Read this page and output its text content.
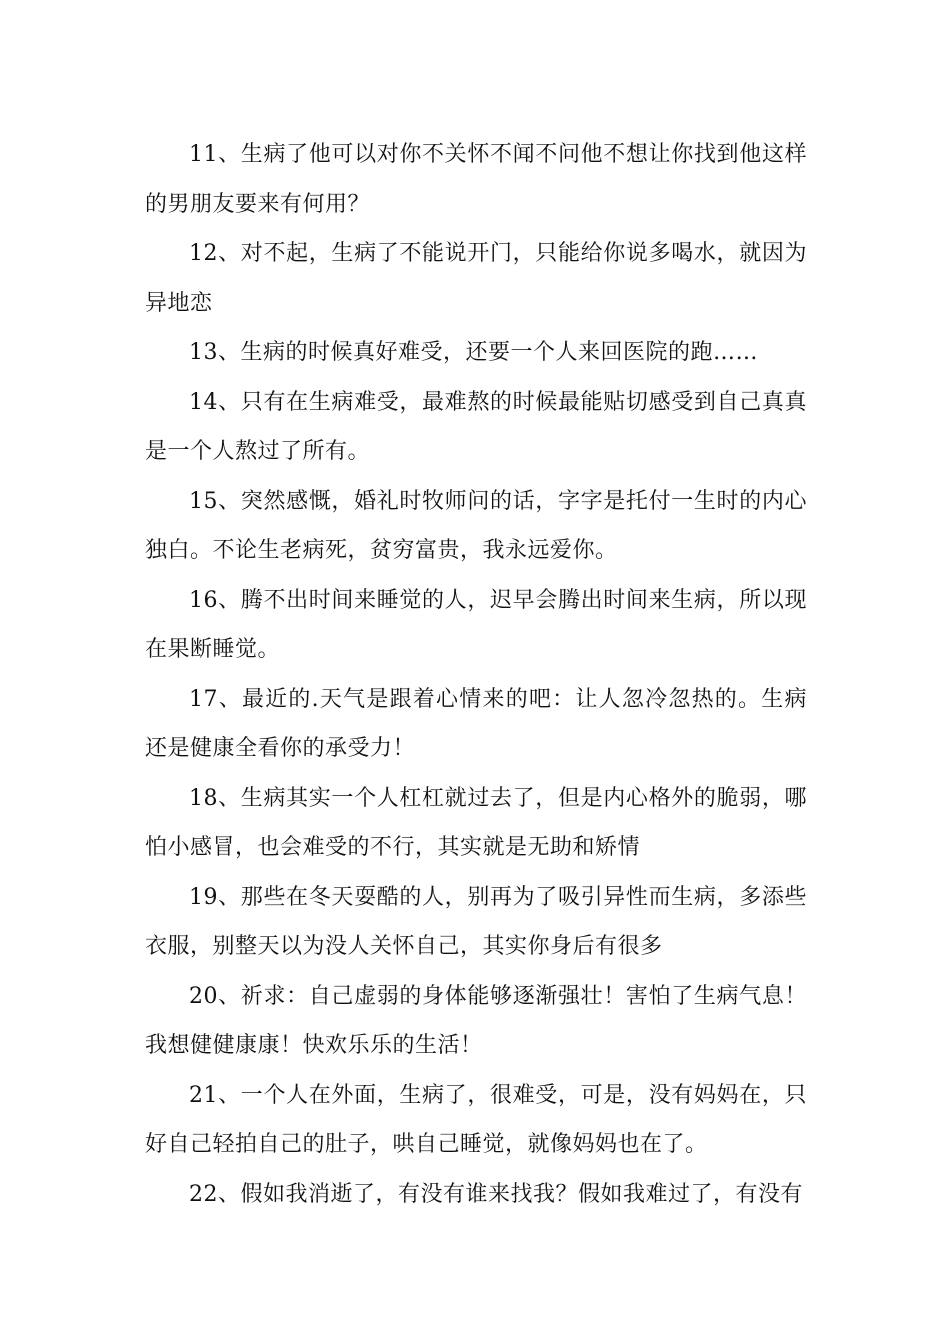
11、生病了他可以对你不关怀不闻不问他不想让你找到他这样的男朋友要来有何用？

12、对不起，生病了不能说开门，只能给你说多喝水，就因为异地恋

13、生病的时候真好难受，还要一个人来回医院的跑……

14、只有在生病难受，最难熬的时候最能贴切感受到自己真真是一个人熬过了所有。

15、突然感慨，婚礼时牧师问的话，字字是托付一生时的内心独白。不论生老病死，贫穷富贵，我永远爱你。

16、腾不出时间来睡觉的人，迟早会腾出时间来生病，所以现在果断睡觉。

17、最近的.天气是跟着心情来的吧：让人忽冷忽热的。生病还是健康全看你的承受力！

18、生病其实一个人杠杠就过去了，但是内心格外的脆弱，哪怕小感冒，也会难受的不行，其实就是无助和矫情

19、那些在冬天耍酷的人，别再为了吸引异性而生病，多添些衣服，别整天以为没人关怀自己，其实你身后有很多

20、祈求：自己虚弱的身体能够逐渐强壮！害怕了生病气息！我想健健康康！快欢乐乐的生活！

21、一个人在外面，生病了，很难受，可是，没有妈妈在，只好自己轻拍自己的肚子，哄自己睡觉，就像妈妈也在了。

22、假如我消逝了，有没有谁来找我？假如我难过了，有没有
